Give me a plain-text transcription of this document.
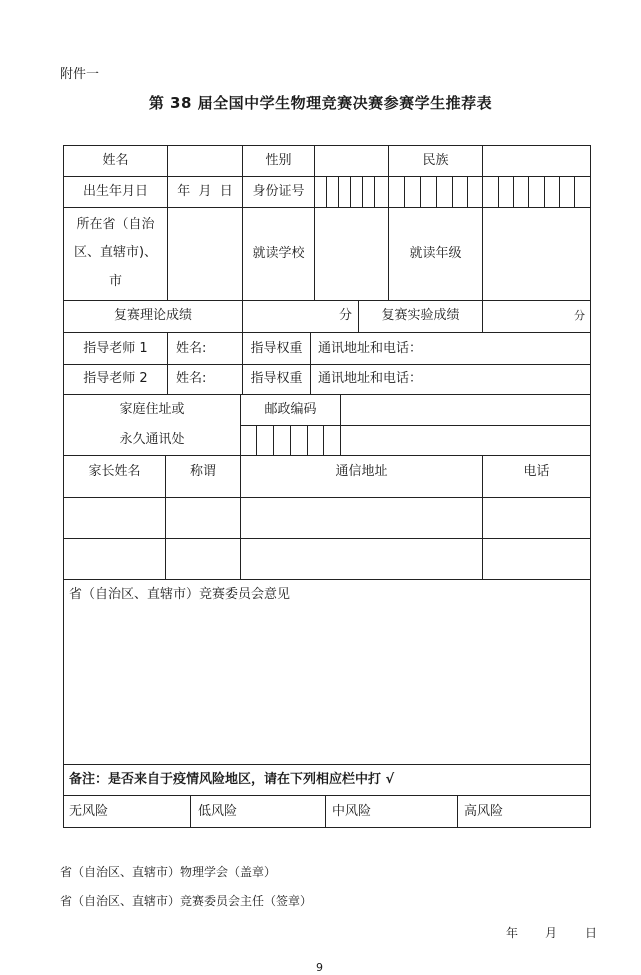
附件一
第 38 届全国中学生物理竞赛决赛参赛学生推荐表
姓名	性别	民族
出生年月日	年  月  日	身份证号
所在省（自治
区、直辖市)、
市
就读学校	就读年级
复赛理论成绩	分	复赛实验成绩	分
指导老师 1	姓名:	指导权重	通讯地址和电话：
指导老师 2	姓名:	指导权重	通讯地址和电话：
家庭住址或
永久通讯处
邮政编码
家长姓名	称谓	通信地址	电话
省（自治区、直辖市）竞赛委员会意见
备注：是否来自于疫情风险地区，请在下列相应栏中打 √
无风险	低风险	中风险	高风险
省（自治区、直辖市）物理学会（盖章）
省（自治区、直辖市）竞赛委员会主任（签章）
年 月 日
9
